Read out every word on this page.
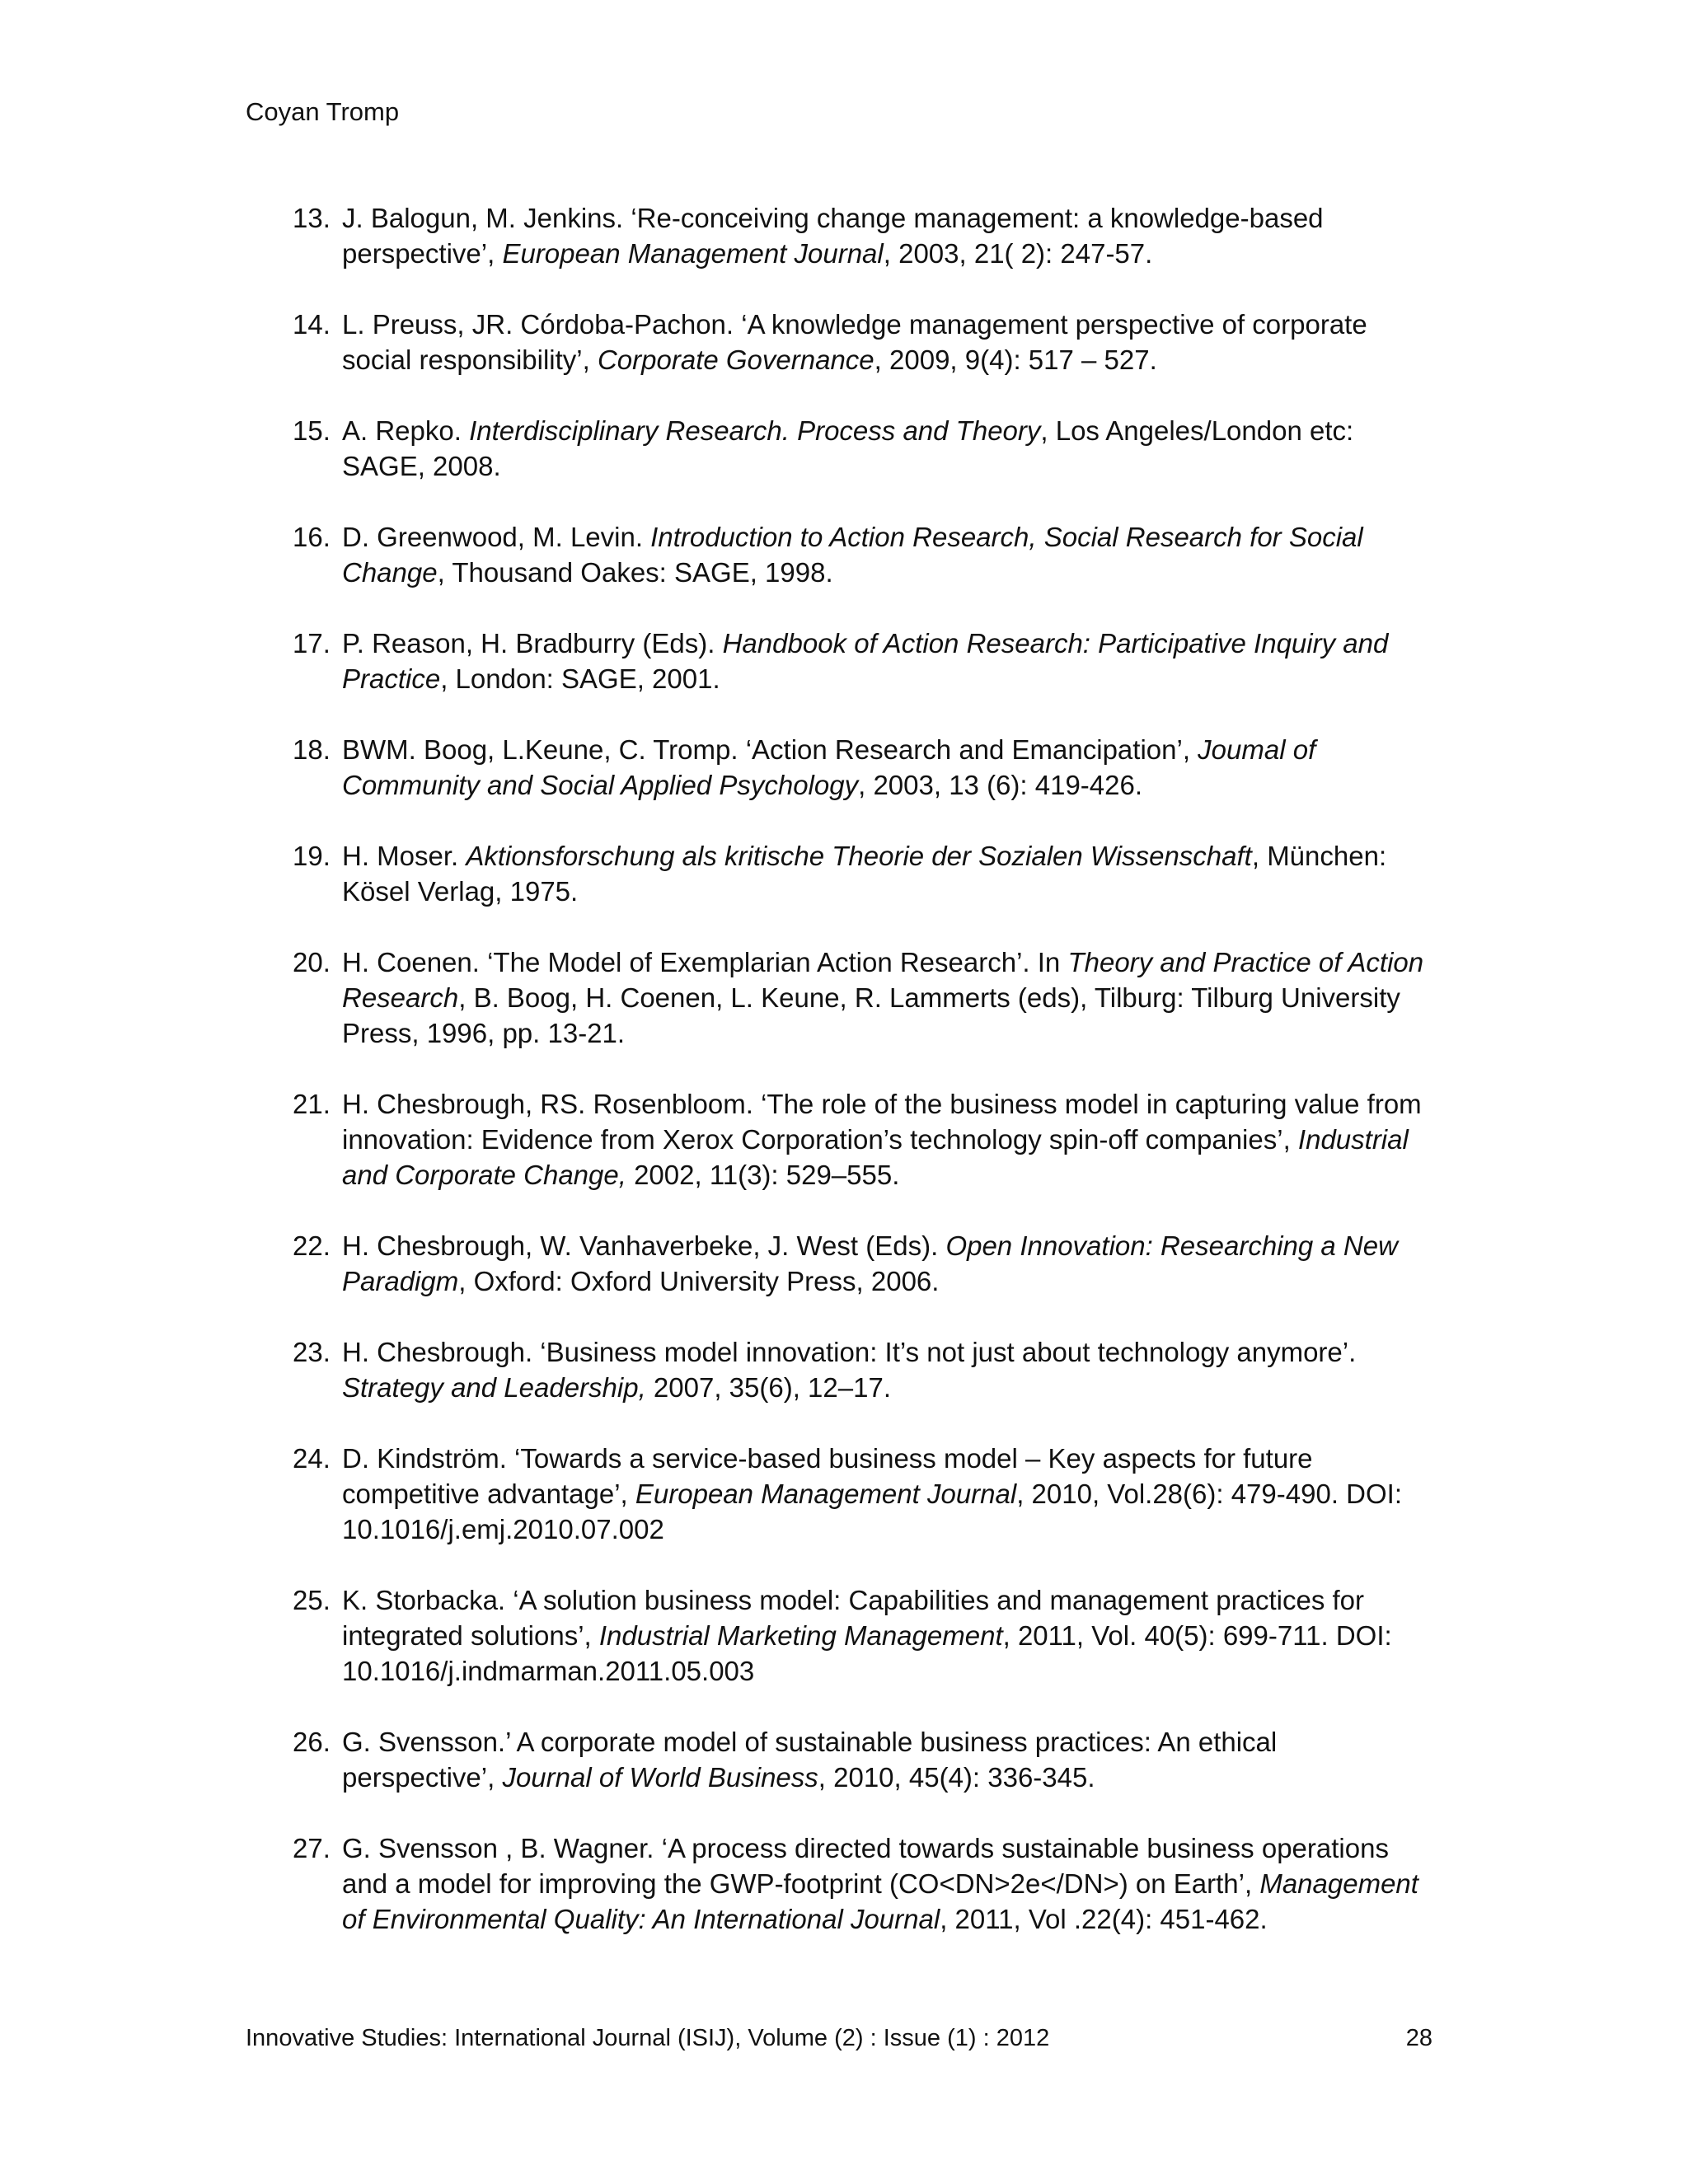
Coyan Tromp

13. J. Balogun, M. Jenkins. ‘Re-conceiving change management: a knowledge-based perspective’, European Management Journal, 2003, 21( 2): 247-57.
14. L. Preuss, JR. Córdoba-Pachon. ‘A knowledge management perspective of corporate social responsibility’, Corporate Governance, 2009, 9(4): 517 – 527.
15. A. Repko. Interdisciplinary Research. Process and Theory, Los Angeles/London etc: SAGE, 2008.
16. D. Greenwood, M. Levin. Introduction to Action Research, Social Research for Social Change, Thousand Oakes: SAGE, 1998.
17. P. Reason, H. Bradburry (Eds). Handbook of Action Research: Participative Inquiry and Practice, London: SAGE, 2001.
18. BWM. Boog, L.Keune, C. Tromp. ‘Action Research and Emancipation’, Joumal of Community and Social Applied Psychology, 2003, 13 (6): 419-426.
19. H. Moser. Aktionsforschung als kritische Theorie der Sozialen Wissenschaft, München: Kösel Verlag, 1975.
20. H. Coenen. ‘The Model of Exemplarian Action Research’. In Theory and Practice of Action Research, B. Boog, H. Coenen, L. Keune, R. Lammerts (eds), Tilburg: Tilburg University Press, 1996, pp. 13-21.
21. H. Chesbrough, RS. Rosenbloom. ‘The role of the business model in capturing value from innovation: Evidence from Xerox Corporation’s technology spin-off companies’, Industrial and Corporate Change, 2002, 11(3): 529–555.
22. H. Chesbrough, W. Vanhaverbeke, J. West (Eds). Open Innovation: Researching a New Paradigm, Oxford: Oxford University Press, 2006.
23. H. Chesbrough. ‘Business model innovation: It’s not just about technology anymore’. Strategy and Leadership, 2007, 35(6), 12–17.
24. D. Kindström. ‘Towards a service-based business model – Key aspects for future competitive advantage’, European Management Journal, 2010, Vol.28(6): 479-490. DOI: 10.1016/j.emj.2010.07.002
25. K. Storbacka. ‘A solution business model: Capabilities and management practices for integrated solutions’, Industrial Marketing Management, 2011, Vol. 40(5): 699-711. DOI: 10.1016/j.indmarman.2011.05.003
26. G. Svensson.’ A corporate model of sustainable business practices: An ethical perspective’, Journal of World Business, 2010, 45(4): 336-345.
27. G. Svensson , B. Wagner. ‘A process directed towards sustainable business operations and a model for improving the GWP-footprint (CO<DN>2e</DN>) on Earth’, Management of Environmental Quality: An International Journal, 2011, Vol .22(4): 451-462.
Innovative Studies: International Journal (ISIJ), Volume (2) : Issue (1) : 2012	28
